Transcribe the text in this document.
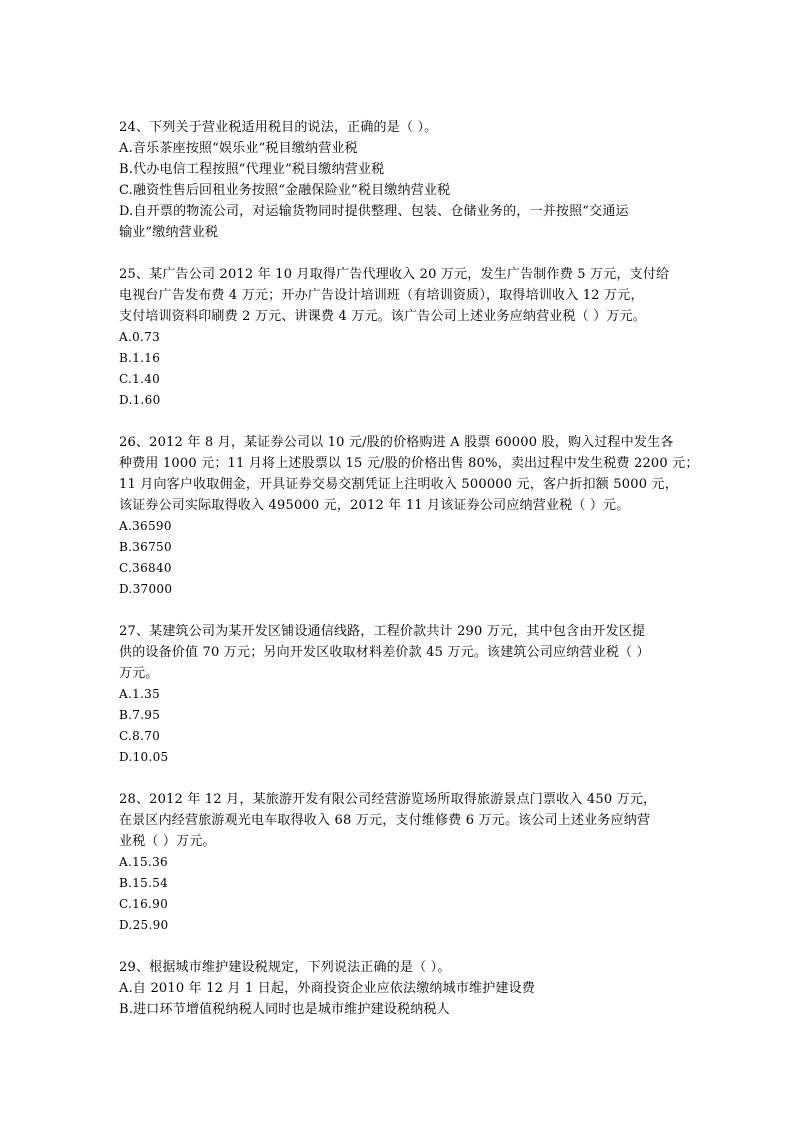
24、下列关于营业税适用税目的说法，正确的是（ ）。

A.音乐茶座按照“娱乐业”税目缴纳营业税

B.代办电信工程按照“代理业”税目缴纳营业税

C.融资性售后回租业务按照“金融保险业”税目缴纳营业税

D.自开票的物流公司，对运输货物同时提供整理、包装、仓储业务的，一并按照“交通运

输业”缴纳营业税

25、某广告公司 2012 年 10 月取得广告代理收入 20 万元，发生广告制作费 5 万元，支付给
电视台广告发布费 4 万元；开办广告设计培训班（有培训资质），取得培训收入 12 万元，
支付培训资料印刷费 2 万元、讲课费 4 万元。该广告公司上述业务应纳营业税（ ）万元。

A.0.73

B.1.16

C.1.40

D.1.60

26、2012 年 8 月，某证券公司以 10 元/股的价格购进 A 股票 60000 股，购入过程中发生各
种费用 1000 元；11 月将上述股票以 15 元/股的价格出售 80%，卖出过程中发生税费 2200 元；
11 月向客户收取佣金，开具证券交易交割凭证上注明收入 500000 元，客户折扣额 5000 元，
该证券公司实际取得收入 495000 元，2012 年 11 月该证券公司应纳营业税（ ）元。

A.36590

B.36750

C.36840

D.37000

27、某建筑公司为某开发区铺设通信线路，工程价款共计 290 万元，其中包含由开发区提
供的设备价值 70 万元；另向开发区收取材料差价款 45 万元。该建筑公司应纳营业税（ ）
万元。

A.1.35

B.7.95

C.8.70

D.10.05

28、2012 年 12 月，某旅游开发有限公司经营游览场所取得旅游景点门票收入 450 万元，
在景区内经营旅游观光电车取得收入 68 万元，支付维修费 6 万元。该公司上述业务应纳营
业税（ ）万元。

A.15.36

B.15.54

C.16.90

D.25.90

29、根据城市维护建设税规定，下列说法正确的是（ ）。

A.自 2010 年 12 月 1 日起，外商投资企业应依法缴纳城市维护建设费

B.进口环节增值税纳税人同时也是城市维护建设税纳税人
